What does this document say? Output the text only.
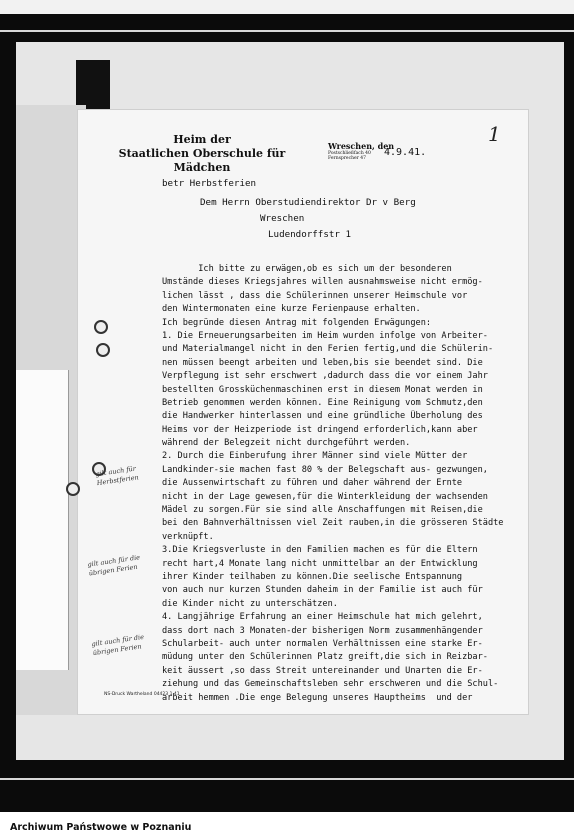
Heim der
Staatlichen Oberschule für Mädchen
Wreschen, den
Postschließfach 40
Fernsprecher 47
4.9.41.
1
betr Herbstferien
Dem Herrn Oberstudiendirektor Dr v Berg
Wreschen
Ludendorffstr 1
Ich bitte zu erwägen,ob es sich um der besonderen
Umstände dieses Kriegsjahres willen ausnahmsweise nicht ermög-
lichen lässt , dass die Schülerinnen unserer Heimschule vor
den Wintermonaten eine kurze Ferienpause erhalten.
Ich begründe diesen Antrag mit folgenden Erwägungen:
1. Die Erneuerungsarbeiten im Heim wurden infolge von Arbeiter-
und Materialmangel nicht in den Ferien fertig,und die Schülerin-
nen müssen beengt arbeiten und leben,bis sie beendet sind. Die
Verpflegung ist sehr erschwert ,dadurch dass die vor einem Jahr
bestellten Grossküchenmaschinen erst in diesem Monat werden in
Betrieb genommen werden können. Eine Reinigung vom Schmutz,den
die Handwerker hinterlassen und eine gründliche Überholung des
Heims vor der Heizperiode ist dringend erforderlich,kann aber
während der Belegzeit nicht durchgeführt werden.
2. Durch die Einberufung ihrer Männer sind viele Mütter der
Landkinder-sie machen fast 80 % der Belegschaft aus- gezwungen,
die Aussenwirtschaft zu führen und daher während der Ernte
nicht in der Lage gewesen,für die Winterkleidung der wachsenden
Mädel zu sorgen.Für sie sind alle Anschaffungen mit Reisen,die
bei den Bahnverhältnissen viel Zeit rauben,in die grösseren Städte
verknüpft.
3.Die Kriegsverluste in den Familien machen es für die Eltern
recht hart,4 Monate lang nicht unmittelbar an der Entwicklung
ihrer Kinder teilhaben zu können.Die seelische Entspannung
von auch nur kurzen Stunden daheim in der Familie ist auch für
die Kinder nicht zu unterschätzen.
4. Langjährige Erfahrung an einer Heimschule hat mich gelehrt,
dass dort nach 3 Monaten-der bisherigen Norm zusammenhängender
Schularbeit- auch unter normalen Verhältnissen eine starke Er-
müdung unter den Schülerinnen Platz greift,die sich in Reizbar-
keit äussert ,so dass Streit untereinander und Unarten die Er-
ziehung und das Gemeinschaftsleben sehr erschweren und die Schul-
arbeit hemmen .Die enge Belegung unseres Hauptheims  und der
gilt auch für Herbstferien
gilt auch für die übrigen Ferien
gilt auch für die übrigen Ferien
NS-Druck Wartheland 04423 1 41
Archiwum Państwowe w Poznaniu
